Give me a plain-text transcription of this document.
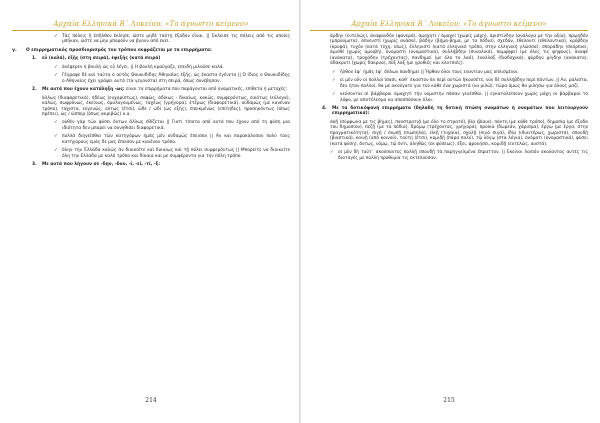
Αρχαία Ελληνικά Β΄ Λυκείου: «Το άγνωστο κείμενο»
✓ Τὰς πόλεις ἢ ἐπῆλθεν ἔκλησε, ὥστε μηδὲ ταύτῃ ἔξοδον εἶναι. || Έκλεισε τις πόλεις από τις οποίες μπήκαν, ώστε να μην μπορούν να βγουν από εκεί.
γ. Ο επιρρηματικός προσδιορισμός του τρόπου εκφράζεται με τα επιρρήματα:
1. εὖ (καλά), ἑξῆς (στη σειρά), ἐφεξῆς (κατά σειρά)
✓ ἀνέφερεν ἡ βουλὴ ὡς εὖ λέγει. || Η βουλή κραύγαζε, επειδή μιλούσε καλά.
✓ Γέγραφε δὲ καὶ ταῦτα ὁ αὐτὸς Θουκυδίδης Ἀθηναῖος ἑξῆς, ὡς ἕκαστα ἐγένετο || Ο ίδιος ο Θουκυδίδης ο Αθηναίος έχει γράψει αυτά (τα γεγονότα) στη σειρά, όπως συνέβησαν.
2. Με αυτά που έχουν κατάληξη -ως: είναι τα επιρρήματα που παράγονται από ονοματικές, επίθετα ή μετοχές:
ἄλλως (διαφορετικά), ἡδέως (ευχαρίστως), σαφῶς, ἀδίκως - δικαίως, κακῶς, συμφερόντως, εἰκότως (εύλογα), καλῶς, σωφρόνως, ἐκείνως, ὁμολογουμένως, ταχέως (γρήγορα), ἑτέρως (διαφορετικά), οὐδαμῶς (με κανέναν τρόπο), τάχιστα, εὐγενῶς, οὕτως (έτσι), ὥδε / ὡδί (ως εξής), ἐπεικμένως (επίτηδες), προσηκόντως (όπως πρέπει), ὡς / ὥσπερ (όπως ακριβώς) κ.α.
✓ οὐθὲν γὰρ τῶν φύσει ὄντων ἄλλως ἐθίζεται || Γιατί τίποτα από αυτά που έχουν από τη φύση μια ιδιότητα δεν μπορεί να συνηθίσει διαφορετικά.
✓ πολλὰ διηγεῖσθαι τῶν κατηγόρων ἡμᾶς μὲν οὐδαμῶς ἔπεισαν || Αν και παρακάλεσαν πολύ τους κατήγορους εμάς δε μας έπεισαν με κανέναν τρόπο.
✓ ὅλην τὴν Ἑλλάδα καλῶς ἂν διοικοῖτε καὶ δικαίως καὶ τῇ πόλει συμφερόντως || Μπορείτε να διοικείτε όλη την Ελλάδα με καλό τρόπο και δίκαια και με συμφέροντα για την πόλη τρόπο.
3. Με αυτά που λήγουν σε -δην, -δον, -ί, -εί, -τί, -ξ:
214
Αρχαία Ελληνικά Β΄ Λυκείου: «Το άγνωστο κείμενο»
ἄρδην (εντελώς), ἀναφανδόν (φανερά), ἀμαχητί / ἀμαχεί (χωρίς μάχη), ἀριστίνδην (ανάλογα με την αξία), πρῳηδόν (μπρούμυτα), ἀπνευστί (χωρίς ανάσα), βάδην (βήμα-βήμα, με τα πόδια), σχεδόν, ἐθελοντί (εθελοντικά), κρύβδην (κρυφά), τυχόν (κατά τύχη, ίσως), ἑλληνιστί (κατά ελληνικό τρόπο, στην ελληνική γλώσσα), σποράδην (σκόρπια), ἀμισθί (χωρίς αμοιβή), ὀνομαστί (ονομαστικά), συλλήβδην (συνολικά), παμψηφεί (με όλες τις ψήφους), ἀναφέ (ανάκατα), τροχάδην (τρέχοντας), πανδημεί (με όλο το λαό), ἐναλλάξ (διαδοχικά), φύρδην μίγδην (ανάκατα), ἀδακρυτί (χωρίς δάκρυα), πὺξ λὰξ (με γροθιές και κλοτσιές).
✓ ἦλθον ἐφ᾽ ἡμᾶς ἐφ᾽ ὅπλων πανδημεί || Ήρθαν όλοι τους εναντίον μας οπλισμένοι.
✓ εἰ μὲν οὖν οἱ πολλοὶ ἴσασι, καθ᾽ ἕκαστον ἂν περὶ αὐτῶν ἤκουσέτε, νῦν δὲ συλλήβδην περὶ πάντων. || Αν, μάλιστα, δεν ήταν πολλοί, θα με ακούγατε για τον κάθε ένα χωριστά (να μιλώ), τώρα όμως θα μιλήσω για όλους μαζί.
✓ κεύσονται οἱ βάρβαροι ἀμαχητὶ τὴν νομιστὴν πᾶσαν γενέσθαι. || εγκαταλείπουν χωρίς μάχη οι βάρβαροι το λόφο, με αποτέλεσμα να αποσπάσουν όλοι.
4. Με τα δοτικόφανή επιρρήματα (δηλαδή τη δοτική πτώση ονομάτων ή ονομάτων που λειτουργούν επιρρηματικά):
ἀκῇ (σύμφωνα με τις βήμες), πανστρατιᾷ (με όλο το στρατό), βίᾳ (βίαια), πάντη (με κάθε τρόπο), δημοσίᾳ (με έξοδα του δημοσίου), πεζῇ (με τα πόδια), δρόμῳ (τρέχοντας, γρήγορα), προίκα (δωρεάν, χάρισμα), ἔργῳ (με έργα, στην πραγματικότητα), σιγῇ / σιωπῇ (σιωπηλά), εἰκῇ (τυχαία), σχολῇ (σιγά σιγά), ἰδίᾳ (ιδιαιτέρως, χωριστά), σπουδῇ (βιαστικά), κοινῇ (από κοινού), ταύτῃ (έτσι), κομιδῇ (πάρα πολύ), τῷ λόγῳ (στα λόγια), ὀνόματι (ονομαστικά), φύσει (κατά φύση), ὄντως, νόμῳ, τῷ ὄντι, ἀληθῶς (εκ φύσεως), ἕξει, φρονήσει, κομιδῇ (εντελώς, αυστά).
✓ οἱ μὲν δὴ ταῦτ᾽ ἀκούσαντες πολλῇ σπουδῇ τὰ παρηγγελμένα ἔπραττον. || Εκείνοι λοιπόν ακούοντας αυτές τις διαταγές με πολλή προθυμία τις εκτελούσαν.
215
